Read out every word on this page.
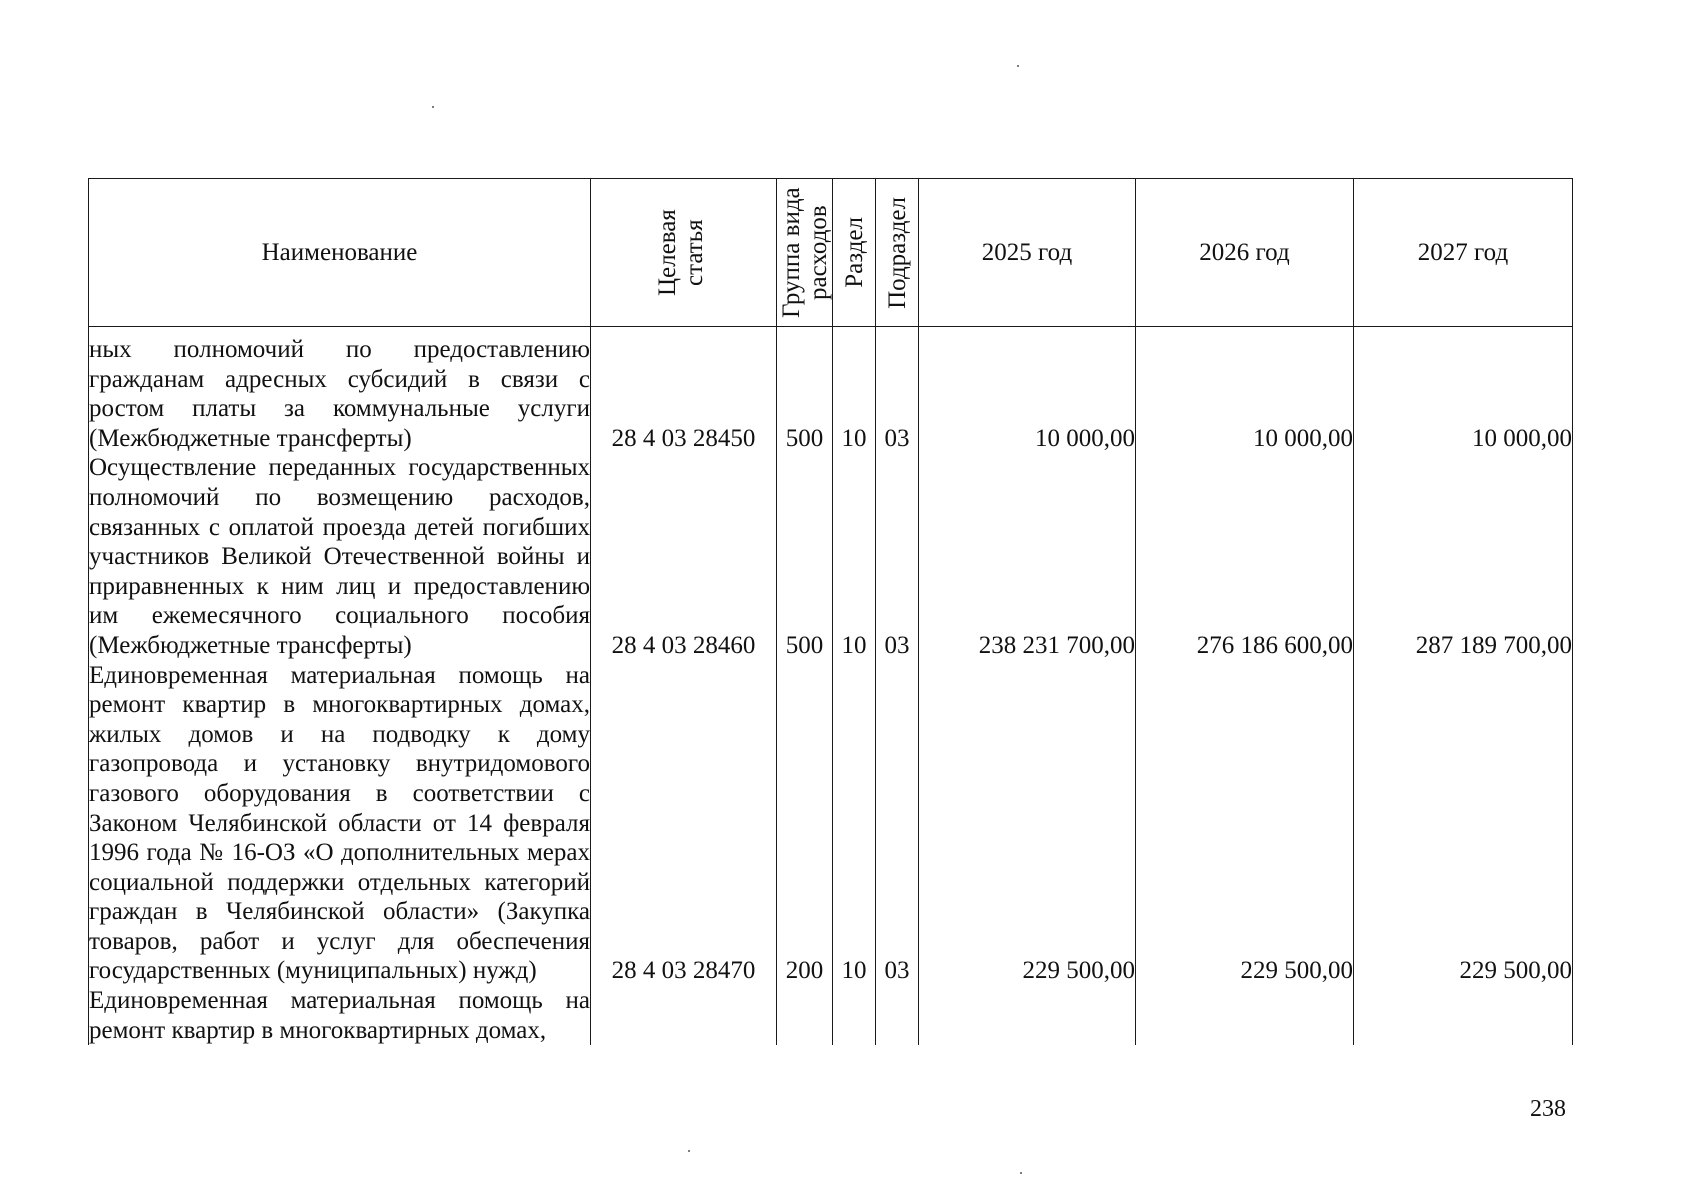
Наименование	Целевая статья	Группа вида расходов	Раздел	Подраздел	2025 год	2026 год	2027 год
ных полномочий по предоставлению гражданам адресных субсидий в связи с ростом платы за коммунальные услуги (Межбюджетные трансферты)	28 4 03 28450	500	10	03	10 000,00	10 000,00	10 000,00
Осуществление переданных государственных полномочий по возмещению расходов, связанных с оплатой проезда детей погибших участников Великой Отечественной войны и приравненных к ним лиц и предоставлению им ежемесячного социального пособия (Межбюджетные трансферты)	28 4 03 28460	500	10	03	238 231 700,00	276 186 600,00	287 189 700,00
Единовременная материальная помощь на ремонт квартир в многоквартирных домах, жилых домов и на подводку к дому газопровода и установку внутридомового газового оборудования в соответствии с Законом Челябинской области от 14 февраля 1996 года № 16-ОЗ «О дополнительных мерах социальной поддержки отдельных категорий граждан в Челябинской области» (Закупка товаров, работ и услуг для обеспечения государственных (муниципальных) нужд)	28 4 03 28470	200	10	03	229 500,00	229 500,00	229 500,00
Единовременная материальная помощь на ремонт квартир в многоквартирных домах,							
238
